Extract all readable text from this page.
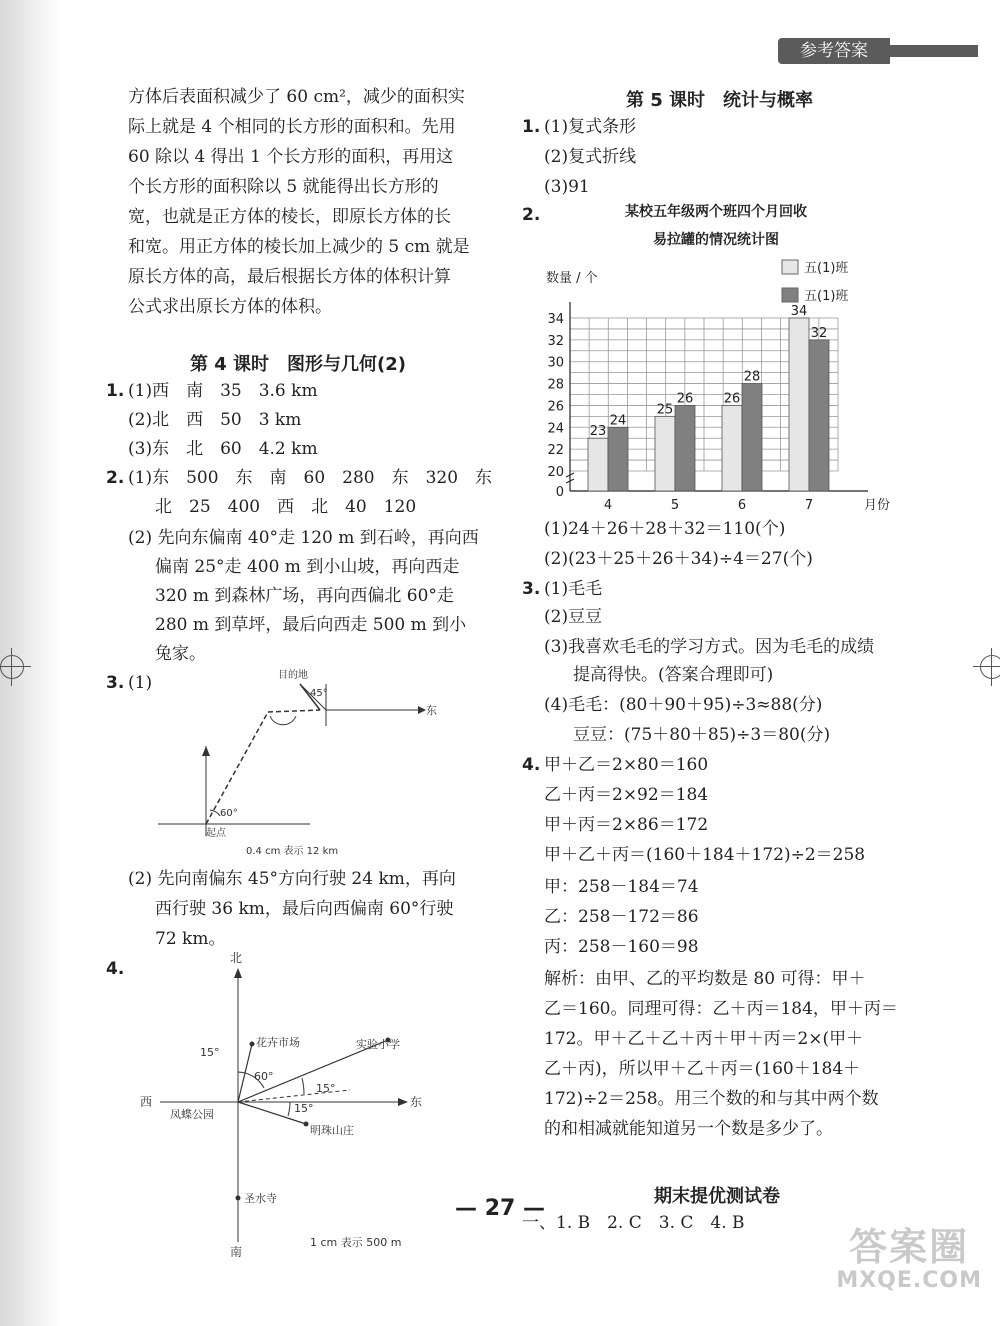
参考答案
方体后表面积减少了 60 cm²，减少的面积实
际上就是 4 个相同的长方形的面积和。先用
60 除以 4 得出 1 个长方形的面积，再用这
个长方形的面积除以 5 就能得出长方形的
宽，也就是正方体的棱长，即原长方体的长
和宽。用正方体的棱长加上减少的 5 cm 就是
原长方体的高，最后根据长方体的体积计算
公式求出原长方体的体积。
第 4 课时　图形与几何(2)
1. (1)西　南　35　3.6 km
(2)北　西　50　3 km
(3)东　北　60　4.2 km
2. (1)东　500　东　南　60　280　东　320　东
北　25　400　西　北　40　120
(2) 先向东偏南 40°走 120 m 到石岭，再向西
偏南 25°走 400 m 到小山坡，再向西走
320 m 到森林广场，再向西偏北 60°走
280 m 到草坪，最后向西走 500 m 到小
兔家。
3. (1)	目的地
45°
东
60°
起点
0.4 cm 表示 12 km
(2) 先向南偏东 45°方向行驶 24 km，再向
西行驶 36 km，最后向西偏南 60°行驶
72 km。
4.
北
南
西	东
凤蝶公园
花卉市场	实验小学
明珠山庄
圣水寺
15°
60°
15°
15°
1 cm 表示 500 m
第 5 课时　统计与概率
1. (1)复式条形
(2)复式折线
(3)91
2.	某校五年级两个班四个月回收
易拉罐的情况统计图
数量 / 个
五(1)班
五(1)班
0
20
22
24
26
28
30
32
34
23
24
4
25
26
5
26
28
6
34
32
7	月份
(1)24＋26＋28＋32＝110(个)
(2)(23＋25＋26＋34)÷4＝27(个)
3. (1)毛毛
(2)豆豆
(3)我喜欢毛毛的学习方式。因为毛毛的成绩
提高得快。(答案合理即可)
(4)毛毛：(80＋90＋95)÷3≈88(分)
豆豆：(75＋80＋85)÷3＝80(分)
4. 甲＋乙＝2×80＝160
乙＋丙＝2×92＝184
甲＋丙＝2×86＝172
甲＋乙＋丙＝(160＋184＋172)÷2＝258
甲：258－184＝74
乙：258－172＝86
丙：258－160＝98
解析：由甲、乙的平均数是 80 可得：甲＋
乙＝160。同理可得：乙＋丙＝184，甲＋丙＝
172。甲＋乙＋乙＋丙＋甲＋丙＝2×(甲＋
乙＋丙)，所以甲＋乙＋丙＝(160＋184＋
172)÷2＝258。用三个数的和与其中两个数
的和相减就能知道另一个数是多少了。
期末提优测试卷
一、1. B　2. C　3. C　4. B
— 27 —
答案圈
MXQE.COM
